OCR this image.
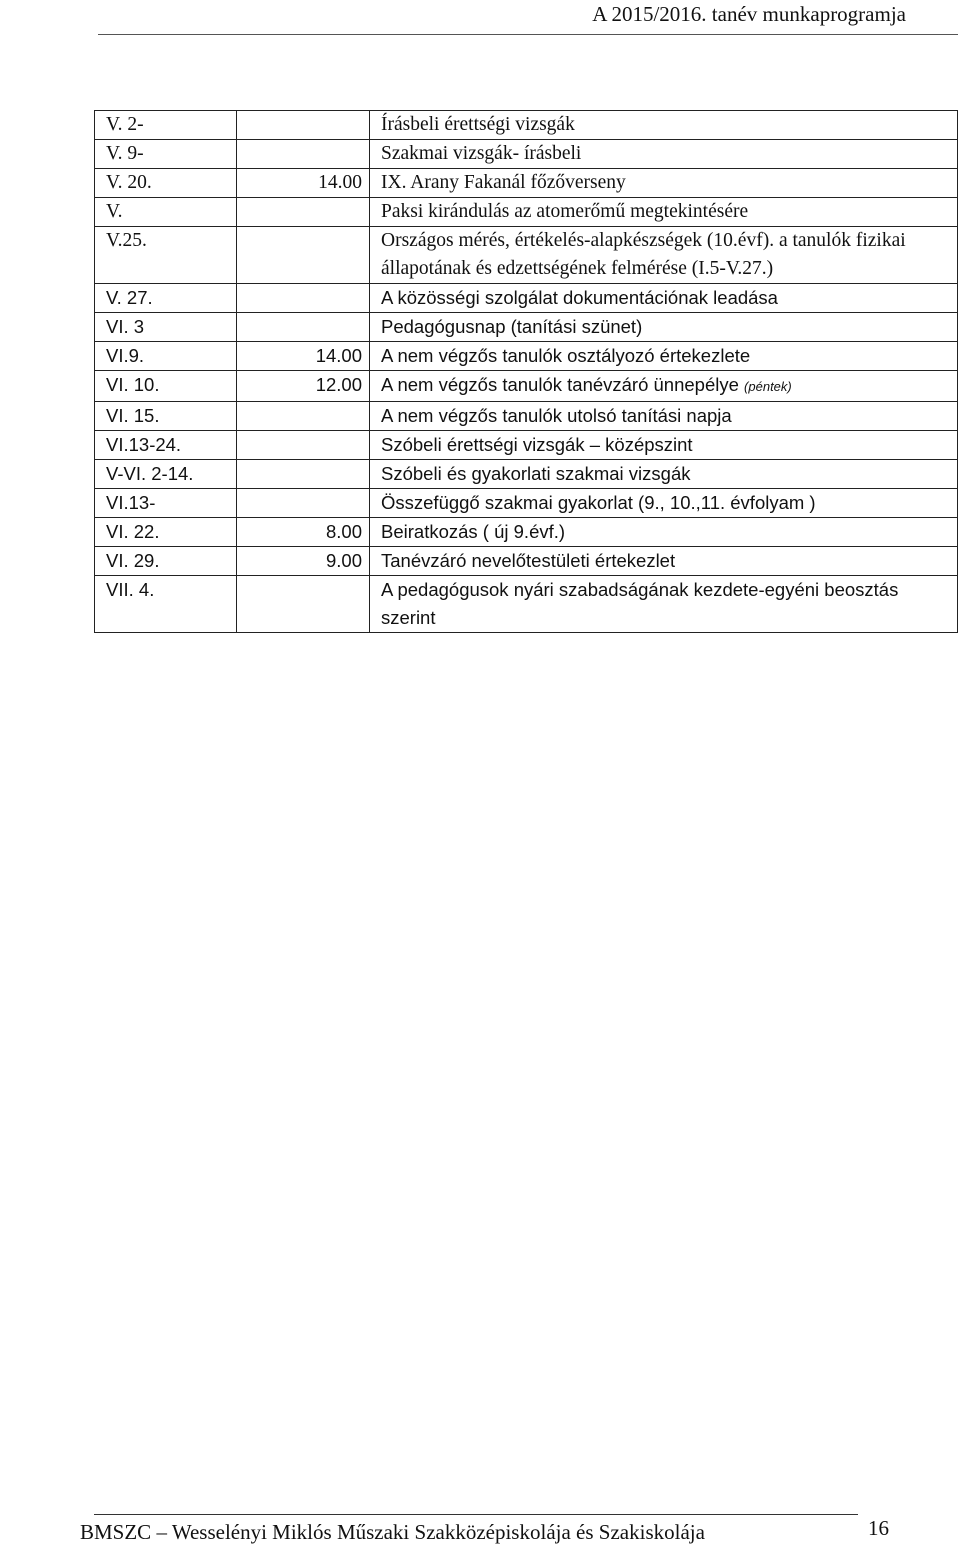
A 2015/2016. tanév munkaprogramja
V. 2-		Írásbeli érettségi vizsgák
V. 9-		Szakmai vizsgák- írásbeli
V. 20.	14.00	IX. Arany Fakanál főzőverseny
V.		Paksi kirándulás az atomerőmű megtekintésére
V.25.		Országos mérés, értékelés-alapkészségek (10.évf). a tanulók fizikai állapotának és edzettségének felmérése (I.5-V.27.)
V. 27.		A közösségi szolgálat dokumentációnak leadása
VI. 3		Pedagógusnap (tanítási szünet)
VI.9.	14.00	A nem végzős tanulók osztályozó értekezlete
VI. 10.	12.00	A nem végzős tanulók tanévzáró ünnepélye (péntek)
VI. 15.		A nem végzős tanulók utolsó tanítási napja
VI.13-24.		Szóbeli érettségi vizsgák – középszint
V-VI. 2-14.		Szóbeli és gyakorlati szakmai vizsgák
VI.13-		Összefüggő szakmai gyakorlat (9., 10.,11. évfolyam )
VI. 22.	8.00	Beiratkozás ( új 9.évf.)
VI. 29.	9.00	Tanévzáró nevelőtestületi értekezlet
VII. 4.		A pedagógusok nyári szabadságának kezdete-egyéni beosztás szerint
BMSZC – Wesselényi Miklós Műszaki Szakközépiskolája és Szakiskolája	16
